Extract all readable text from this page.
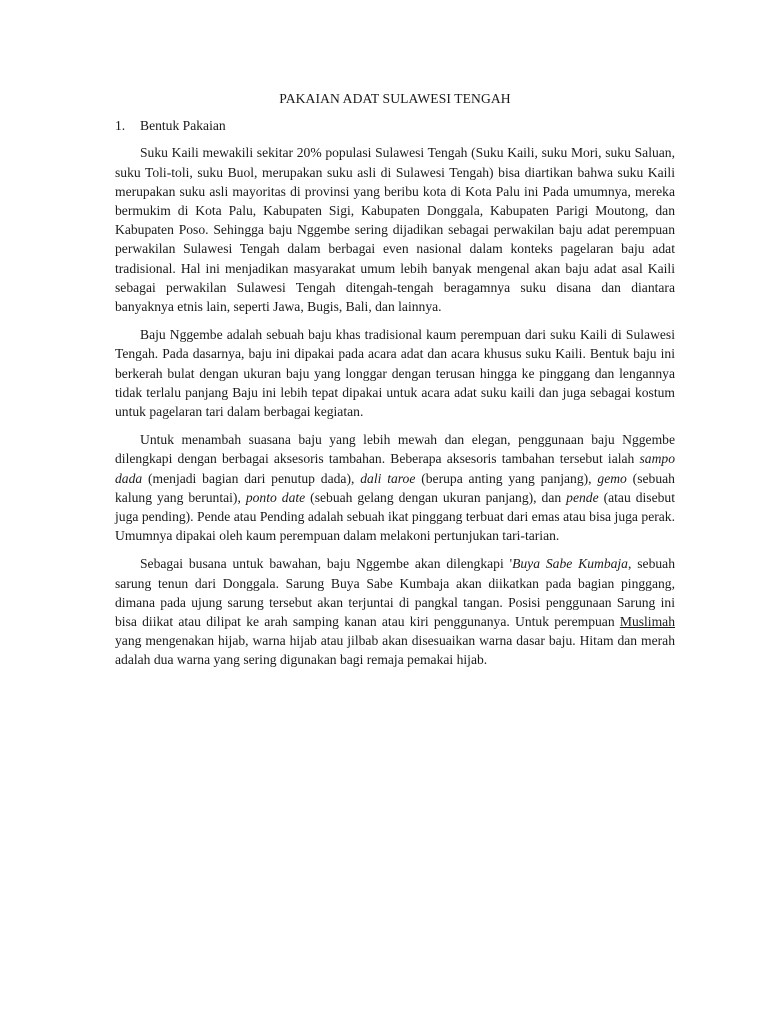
PAKAIAN ADAT SULAWESI TENGAH
1.	Bentuk Pakaian

Suku Kaili mewakili sekitar 20% populasi Sulawesi Tengah (Suku Kaili, suku Mori, suku Saluan, suku Toli-toli, suku Buol, merupakan suku asli di Sulawesi Tengah) bisa diartikan bahwa suku Kaili merupakan suku asli mayoritas di provinsi yang beribu kota di Kota Palu ini Pada umumnya, mereka bermukim di Kota Palu, Kabupaten Sigi, Kabupaten Donggala, Kabupaten Parigi Moutong, dan Kabupaten Poso. Sehingga baju Nggembe sering dijadikan sebagai perwakilan baju adat perempuan perwakilan Sulawesi Tengah dalam berbagai even nasional dalam konteks pagelaran baju adat tradisional. Hal ini menjadikan masyarakat umum lebih banyak mengenal akan baju adat asal Kaili sebagai perwakilan Sulawesi Tengah ditengah-tengah beragamnya suku disana dan diantara banyaknya etnis lain, seperti Jawa, Bugis, Bali, dan lainnya.

Baju Nggembe adalah sebuah baju khas tradisional kaum perempuan dari suku Kaili di Sulawesi Tengah. Pada dasarnya, baju ini dipakai pada acara adat dan acara khusus suku Kaili. Bentuk baju ini berkerah bulat dengan ukuran baju yang longgar dengan terusan hingga ke pinggang dan lengannya tidak terlalu panjang Baju ini lebih tepat dipakai untuk acara adat suku kaili dan juga sebagai kostum untuk pagelaran tari dalam berbagai kegiatan.

Untuk menambah suasana baju yang lebih mewah dan elegan, penggunaan baju Nggembe dilengkapi dengan berbagai aksesoris tambahan. Beberapa aksesoris tambahan tersebut ialah sampo dada (menjadi bagian dari penutup dada), dali taroe (berupa anting yang panjang), gemo (sebuah kalung yang beruntai), ponto date (sebuah gelang dengan ukuran panjang), dan pende (atau disebut juga pending). Pende atau Pending adalah sebuah ikat pinggang terbuat dari emas atau bisa juga perak. Umumnya dipakai oleh kaum perempuan dalam melakoni pertunjukan tari-tarian.

Sebagai busana untuk bawahan, baju Nggembe akan dilengkapi 'Buya Sabe Kumbaja, sebuah sarung tenun dari Donggala. Sarung Buya Sabe Kumbaja akan diikatkan pada bagian pinggang, dimana pada ujung sarung tersebut akan terjuntai di pangkal tangan. Posisi penggunaan Sarung ini bisa diikat atau dilipat ke arah samping kanan atau kiri penggunanya. Untuk perempuan Muslimah yang mengenakan hijab, warna hijab atau jilbab akan disesuaikan warna dasar baju. Hitam dan merah adalah dua warna yang sering digunakan bagi remaja pemakai hijab.
